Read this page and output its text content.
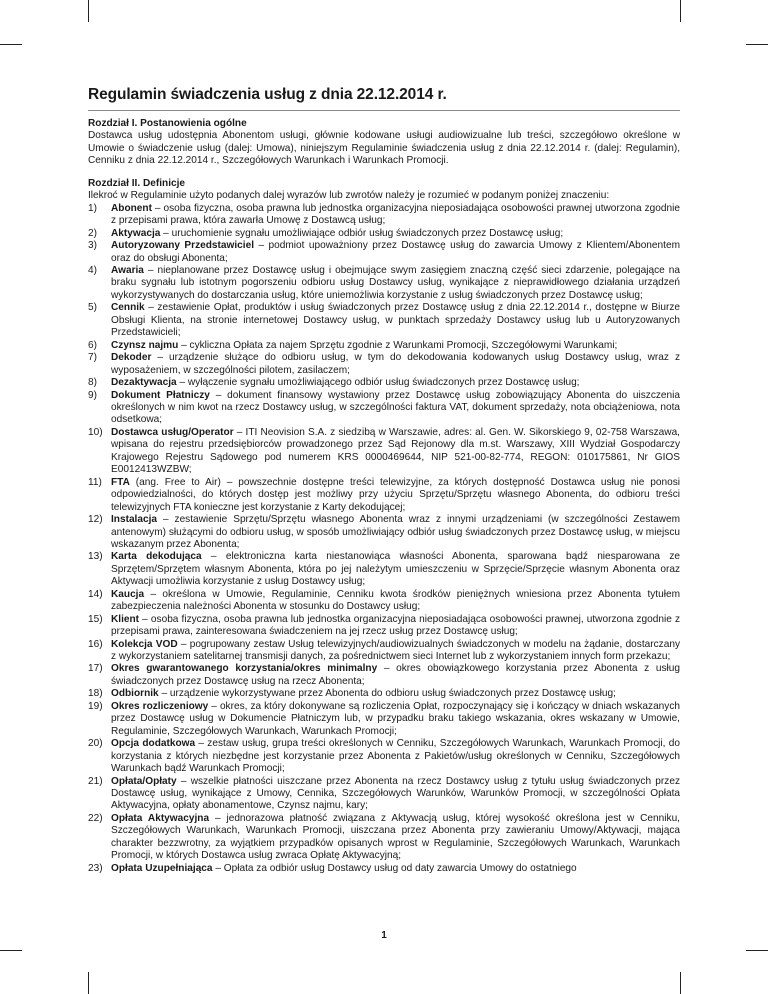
Regulamin świadczenia usług z dnia 22.12.2014 r.

Rozdział I. Postanowienia ogólne

Dostawca usług udostępnia Abonentom usługi, głównie kodowane usługi audiowizualne lub treści, szczegółowo określone w Umowie o świadczenie usług (dalej: Umowa), niniejszym Regulaminie świadczenia usług z dnia 22.12.2014 r. (dalej: Regulamin), Cenniku z dnia 22.12.2014 r., Szczegółowych Warunkach i Warunkach Promocji.

Rozdział II. Definicje

Ilekroć w Regulaminie użyto podanych dalej wyrazów lub zwrotów należy je rozumieć w podanym poniżej znaczeniu:

1) Abonent – osoba fizyczna, osoba prawna lub jednostka organizacyjna nieposiadająca osobowości prawnej utworzona zgodnie z przepisami prawa, która zawarła Umowę z Dostawcą usług;
2) Aktywacja – uruchomienie sygnału umożliwiające odbiór usług świadczonych przez Dostawcę usług;
3) Autoryzowany Przedstawiciel – podmiot upoważniony przez Dostawcę usług do zawarcia Umowy z Klientem/Abonentem oraz do obsługi Abonenta;
4) Awaria – nieplanowane przez Dostawcę usług i obejmujące swym zasięgiem znaczną część sieci zdarzenie, polegające na braku sygnału lub istotnym pogorszeniu odbioru usług Dostawcy usług, wynikające z nieprawidłowego działania urządzeń wykorzystywanych do dostarczania usług, które uniemożliwia korzystanie z usług świadczonych przez Dostawcę usług;
5) Cennik – zestawienie Opłat, produktów i usług świadczonych przez Dostawcę usług z dnia 22.12.2014 r., dostępne w Biurze Obsługi Klienta, na stronie internetowej Dostawcy usług, w punktach sprzedaży Dostawcy usług lub u Autoryzowanych Przedstawicieli;
6) Czynsz najmu – cykliczna Opłata za najem Sprzętu zgodnie z Warunkami Promocji, Szczegółowymi Warunkami;
7) Dekoder – urządzenie służące do odbioru usług, w tym do dekodowania kodowanych usług Dostawcy usług, wraz z wyposażeniem, w szczególności pilotem, zasilaczem;
8) Dezaktywacja – wyłączenie sygnału umożliwiającego odbiór usług świadczonych przez Dostawcę usług;
9) Dokument Płatniczy – dokument finansowy wystawiony przez Dostawcę usług zobowiązujący Abonenta do uiszczenia określonych w nim kwot na rzecz Dostawcy usług, w szczególności faktura VAT, dokument sprzedaży, nota obciążeniowa, nota odsetkowa;
10) Dostawca usług/Operator – ITI Neovision S.A. z siedzibą w Warszawie, adres: al. Gen. W. Sikorskiego 9, 02-758 Warszawa, wpisana do rejestru przedsiębiorców prowadzonego przez Sąd Rejonowy dla m.st. Warszawy, XIII Wydział Gospodarczy Krajowego Rejestru Sądowego pod numerem KRS 0000469644, NIP 521-00-82-774, REGON: 010175861, Nr GIOS E0012413WZBW;
11) FTA (ang. Free to Air) – powszechnie dostępne treści telewizyjne, za których dostępność Dostawca usług nie ponosi odpowiedzialności, do których dostęp jest możliwy przy użyciu Sprzętu/Sprzętu własnego Abonenta, do odbioru treści telewizyjnych FTA konieczne jest korzystanie z Karty dekodującej;
12) Instalacja – zestawienie Sprzętu/Sprzętu własnego Abonenta wraz z innymi urządzeniami (w szczególności Zestawem antenowym) służącymi do odbioru usług, w sposób umożliwiający odbiór usług świadczonych przez Dostawcę usług, w miejscu wskazanym przez Abonenta;
13) Karta dekodująca – elektroniczna karta niestanowiąca własności Abonenta, sparowana bądź niesparowana ze Sprzętem/Sprzętem własnym Abonenta, która po jej należytym umieszczeniu w Sprzęcie/Sprzęcie własnym Abonenta oraz Aktywacji umożliwia korzystanie z usług Dostawcy usług;
14) Kaucja – określona w Umowie, Regulaminie, Cenniku kwota środków pieniężnych wniesiona przez Abonenta tytułem zabezpieczenia należności Abonenta w stosunku do Dostawcy usług;
15) Klient – osoba fizyczna, osoba prawna lub jednostka organizacyjna nieposiadająca osobowości prawnej, utworzona zgodnie z przepisami prawa, zainteresowana świadczeniem na jej rzecz usług przez Dostawcę usług;
16) Kolekcja VOD – pogrupowany zestaw Usług telewizyjnych/audiowizualnych świadczonych w modelu na żądanie, dostarczany z wykorzystaniem satelitarnej transmisji danych, za pośrednictwem sieci Internet lub z wykorzystaniem innych form przekazu;
17) Okres gwarantowanego korzystania/okres minimalny – okres obowiązkowego korzystania przez Abonenta z usług świadczonych przez Dostawcę usług na rzecz Abonenta;
18) Odbiornik – urządzenie wykorzystywane przez Abonenta do odbioru usług świadczonych przez Dostawcę usług;
19) Okres rozliczeniowy – okres, za który dokonywane są rozliczenia Opłat, rozpoczynający się i kończący w dniach wskazanych przez Dostawcę usług w Dokumencie Płatniczym lub, w przypadku braku takiego wskazania, okres wskazany w Umowie, Regulaminie, Szczegółowych Warunkach, Warunkach Promocji;
20) Opcja dodatkowa – zestaw usług, grupa treści określonych w Cenniku, Szczegółowych Warunkach, Warunkach Promocji, do korzystania z których niezbędne jest korzystanie przez Abonenta z Pakietów/usług określonych w Cenniku, Szczegółowych Warunkach bądź Warunkach Promocji;
21) Opłata/Opłaty – wszelkie płatności uiszczane przez Abonenta na rzecz Dostawcy usług z tytułu usług świadczonych przez Dostawcę usług, wynikające z Umowy, Cennika, Szczegółowych Warunków, Warunków Promocji, w szczególności Opłata Aktywacyjna, opłaty abonamentowe, Czynsz najmu, kary;
22) Opłata Aktywacyjna – jednorazowa płatność związana z Aktywacją usług, której wysokość określona jest w Cenniku, Szczegółowych Warunkach, Warunkach Promocji, uiszczana przez Abonenta przy zawieraniu Umowy/Aktywacji, mająca charakter bezzwrotny, za wyjątkiem przypadków opisanych wprost w Regulaminie, Szczegółowych Warunkach, Warunkach Promocji, w których Dostawca usług zwraca Opłatę Aktywacyjną;
23) Opłata Uzupełniająca – Opłata za odbiór usług Dostawcy usług od daty zawarcia Umowy do ostatniego
1
